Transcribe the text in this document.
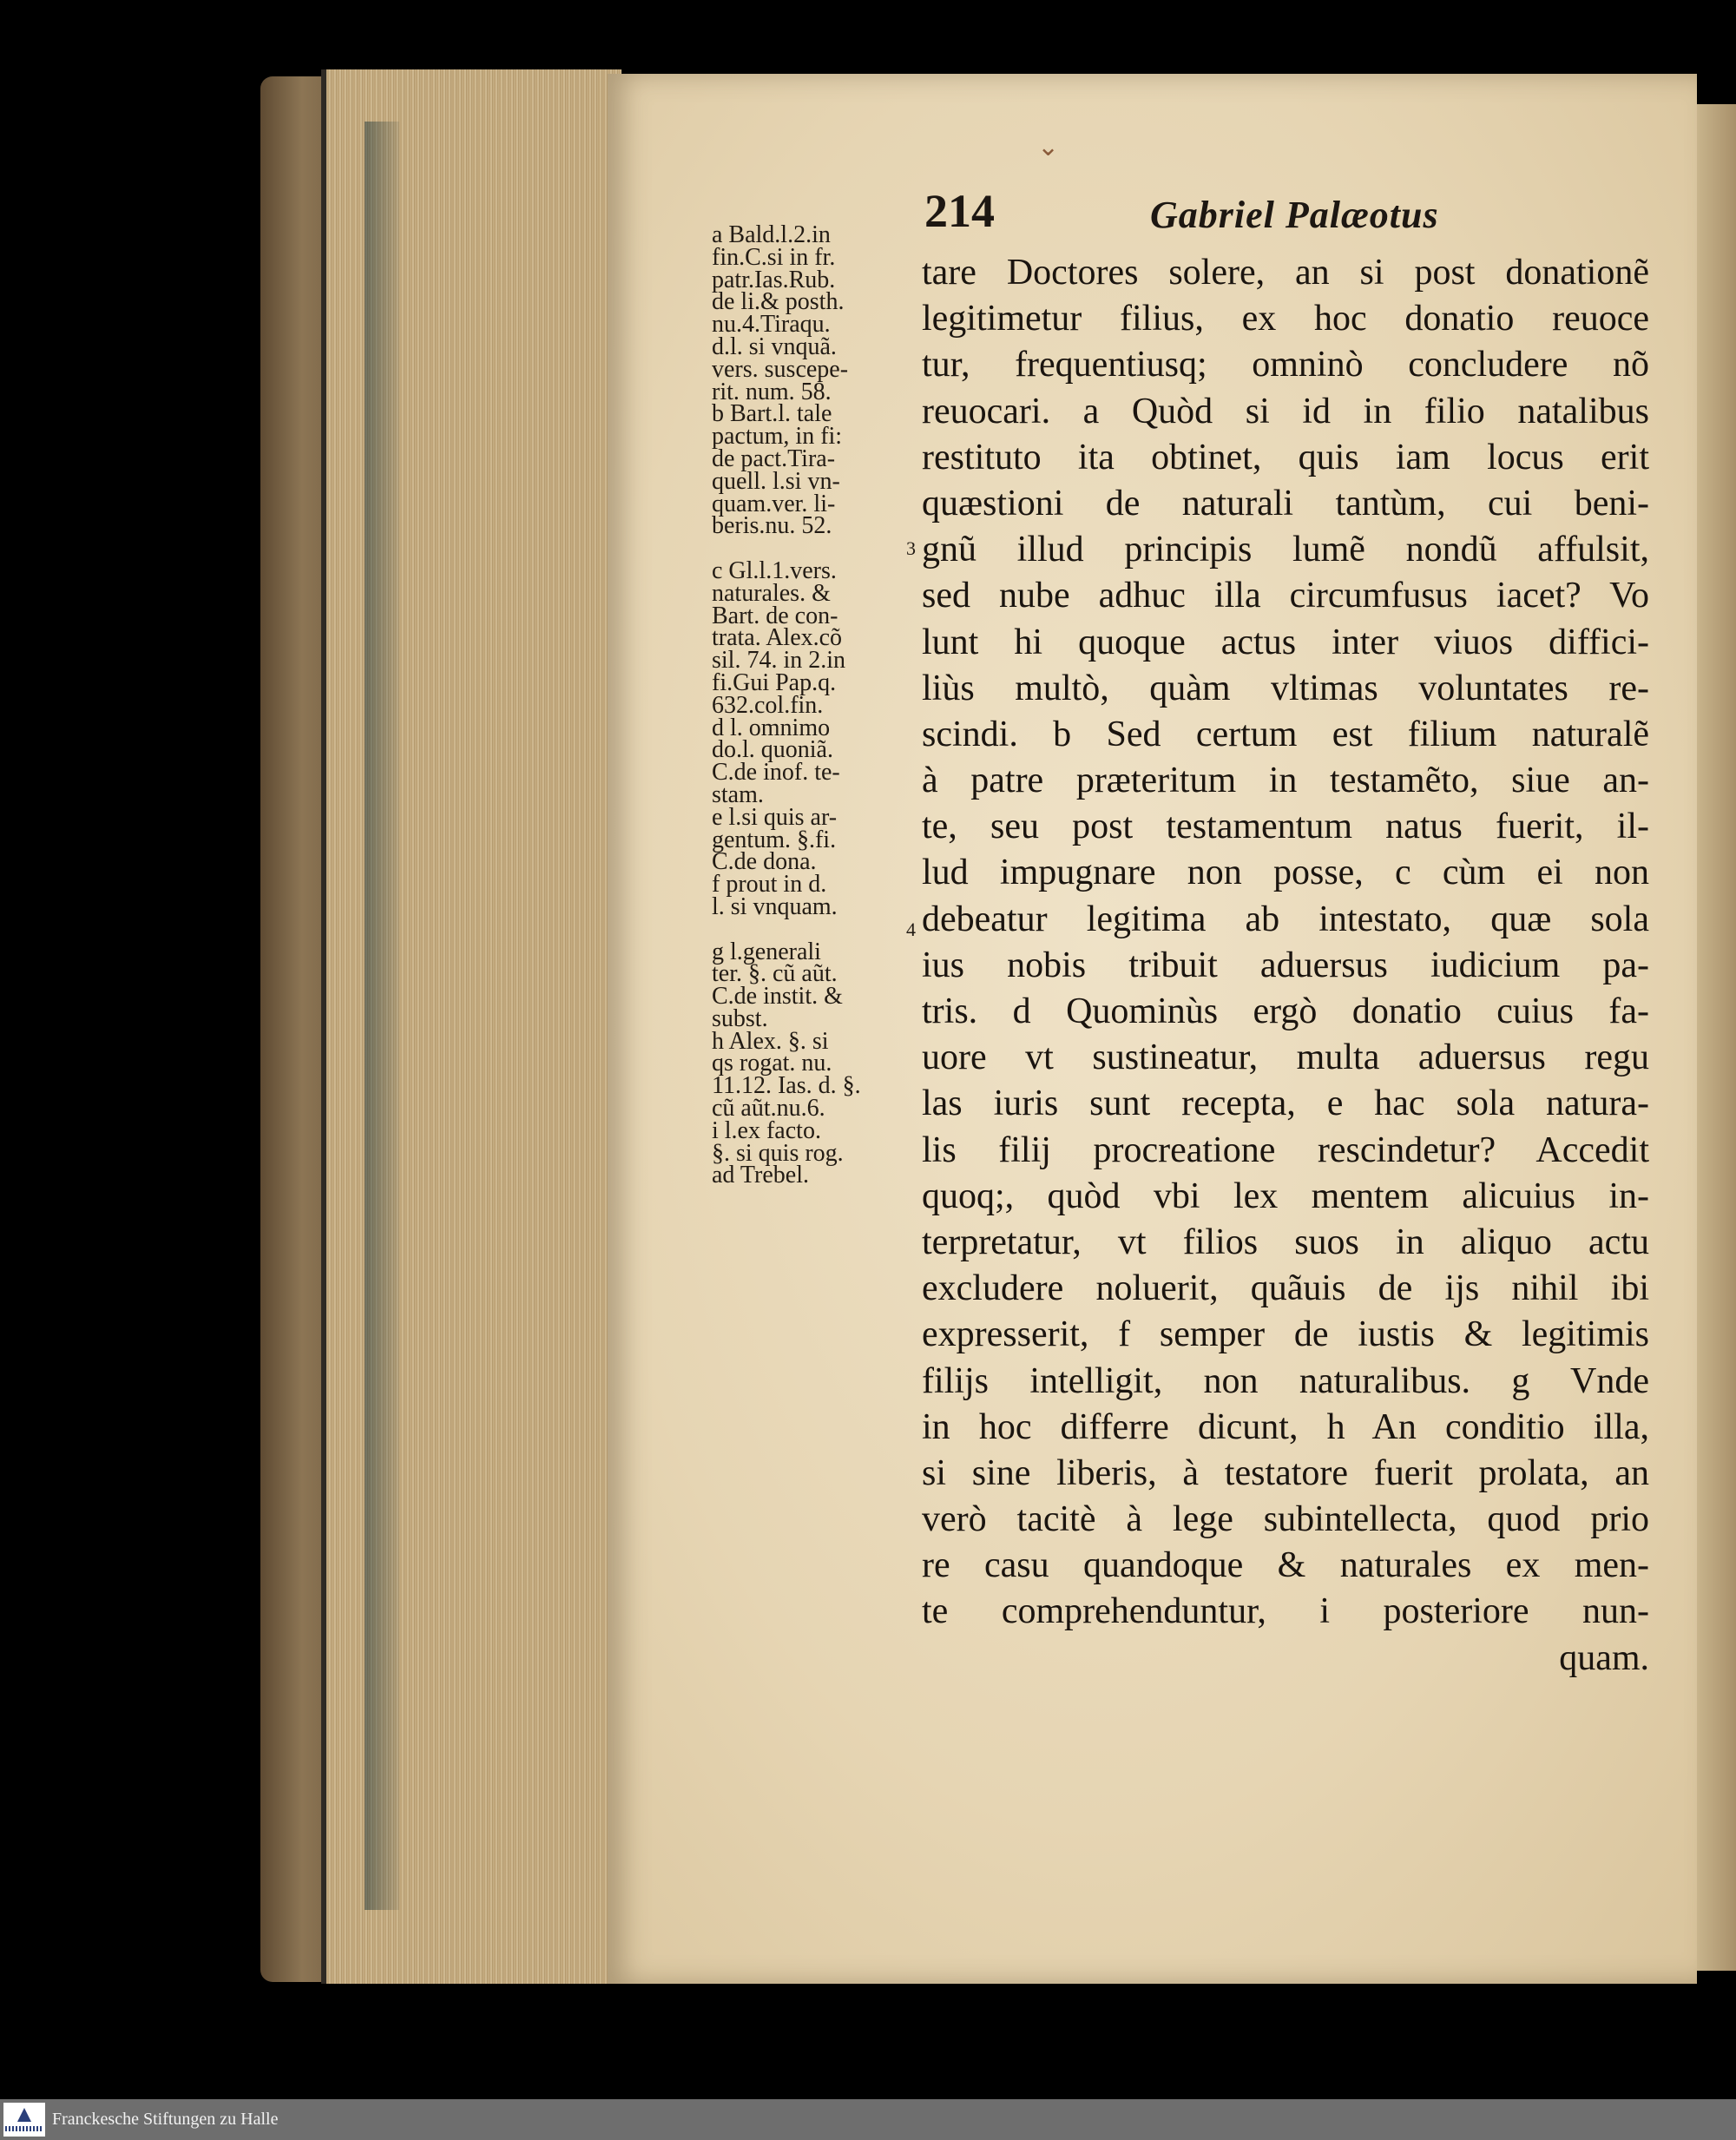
⌄
214	Gabriel Palæotus
a Bald.l.2.in
fin.C.si in fr.
patr.Ias.Rub.
de li.& posth.
nu.4.Tiraqu.
d.l. si vnquã.
vers. suscepe-
rit. num. 58.
b Bart.l. tale
pactum, in fi:
de pact.Tira-
quell. l.si vn-
quam.ver. li-
beris.nu. 52.
3
c Gl.l.1.vers.
naturales. &
Bart. de con-
trata. Alex.cõ
sil. 74. in 2.in
fi.Gui Pap.q.
632.col.fin.
d l. omnimo
do.l. quoniã.
C.de inof. te-
stam.
e l.si quis ar-
gentum. §.fi.
C.de dona.
f prout in d.
l. si vnquam.
4
g l.generali
ter. §. cũ aũt.
C.de instit. &
subst.
h Alex. §. si
qs rogat. nu.
11.12. Ias. d. §.
cũ aũt.nu.6.
i l.ex facto.
§. si quis rog.
ad Trebel.
tare Doctores solere, an si post donationẽ
legitimetur filius, ex hoc donatio reuoce
tur, frequentiusq; omninò concludere nõ
reuocari. a Quòd si id in filio natalibus
restituto ita obtinet, quis iam locus erit
quæstioni de naturali tantùm, cui beni-
gnũ illud principis lumẽ nondũ affulsit,
sed nube adhuc illa circumfusus iacet? Vo
lunt hi quoque actus inter viuos diffici-
liùs multò, quàm vltimas voluntates re-
scindi. b Sed certum est filium naturalẽ
à patre præteritum in testamẽto, siue an-
te, seu post testamentum natus fuerit, il-
lud impugnare non posse, c cùm ei non
debeatur legitima ab intestato, quæ sola
ius nobis tribuit aduersus iudicium pa-
tris. d Quominùs ergò donatio cuius fa-
uore vt sustineatur, multa aduersus regu
las iuris sunt recepta, e hac sola natura-
lis filij procreatione rescindetur? Accedit
quoq;, quòd vbi lex mentem alicuius in-
terpretatur, vt filios suos in aliquo actu
excludere noluerit, quãuis de ijs nihil ibi
expresserit, f semper de iustis & legitimis
filijs intelligit, non naturalibus. g Vnde
in hoc differre dicunt, h An conditio illa,
si sine liberis, à testatore fuerit prolata, an
verò tacitè à lege subintellecta, quod prio
re casu quandoque & naturales ex men-
te comprehenduntur, i posteriore nun-
quam.
Franckesche Stiftungen zu Halle
